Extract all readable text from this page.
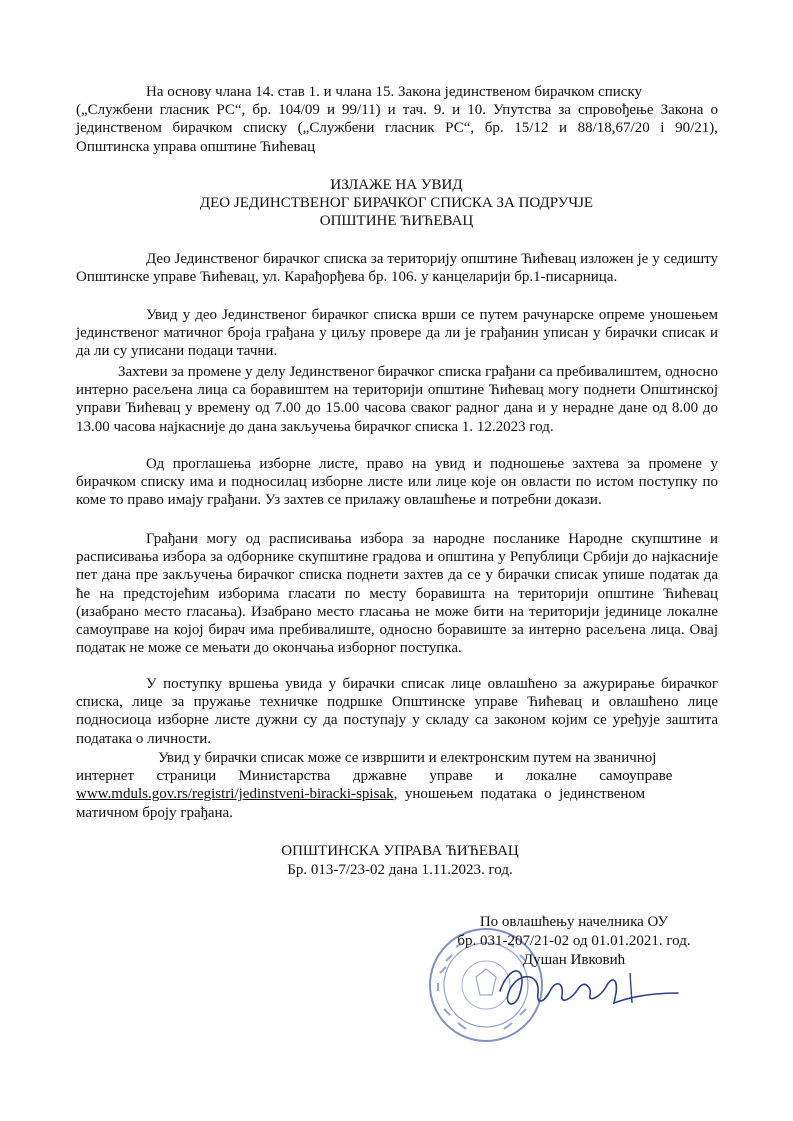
На основу члана 14. став 1. и члана 15. Закона јединственом бирачком списку
(„Службени гласник РС“, бр. 104/09 и 99/11) и тач. 9. и 10. Упутства за спровођење Закона о јединственом бирачком списку („Службени гласник РС“, бр. 15/12 и 88/18,67/20 i 90/21), Општинска управа општине Ћићевац
ИЗЛАЖЕ НА УВИД
ДЕО ЈЕДИНСТВЕНОГ БИРАЧКОГ СПИСКА ЗА ПОДРУЧЈЕ
ОПШТИНЕ ЋИЋЕВАЦ
Део Јединственог бирачког списка за територију општине Ћићевац изложен је у седишту Општинске управе Ћићевац, ул. Карађорђева бр. 106. у канцеларији бр.1-писарница.
Увид у део Јединственог бирачког списка врши се путем рачунарске опреме уношењем јединственог матичног броја грађана у циљу провере да ли је грађанин уписан у бирачки списак и да ли су уписани подаци тачни.
Захтеви за промене у делу Јединственог бирачког списка грађани са пребивалиштем, односно интерно расељена лица са боравиштем на територији општине Ћићевац могу поднети Општинској управи Ћићевац у времену од 7.00 до 15.00 часова сваког радног дана и у нерадне дане од 8.00 до 13.00 часова најкасније до дана закључења бирачког списка 1. 12.2023 год.
Од проглашења изборне листе, право на увид и подношење захтева за промене у бирачком списку има и подносилац изборне листе или лице које он овласти по истом поступку по коме то право имају грађани. Уз захтев се прилажу овлашћење и потребни докази.
Грађани могу од расписивања избора за народне посланике Народне скупштине и расписивања избора за одборнике скупштине градова и општина у Републици Србији до најкасније пет дана пре закључења бирачког списка поднети захтев да се у бирачки списак упише податак да ће на предстојећим изборима гласати по месту боравишта на територији општине Ћићевац (изабрано место гласања). Изабрано место гласања не може бити на територији јединице локалне самоуправе на којој бирач има пребивалиште, односно боравиште за интерно расељена лица. Овај податак не може се мењати до окончања изборног поступка.
У поступку вршења увида у бирачки списак лице овлашћено за ажурирање бирачког списка, лице за пружање техничке подршке Општинске управе Ћићевац и овлашћено лице подносиоца изборне листе дужни су да поступају у складу са законом којим се уређује заштита података о личности.
Увид у бирачки списак може се извршити и електронским путем на званичној
интернет      страници      Министарства      државне      управе      и      локалне      самоуправе
www.mduls.gov.rs/registri/jedinstveni-biracki-spisak,  уношењем  података  о  јединственом
матичном броју грађана.
ОПШТИНСКА УПРАВА ЋИЋЕВАЦ
Бр. 013-7/23-02 дана 1.11.2023. год.
По овлашћењу начелника ОУ
бр. 031-207/21-02 од 01.01.2021. год.
Душан Ивковић
